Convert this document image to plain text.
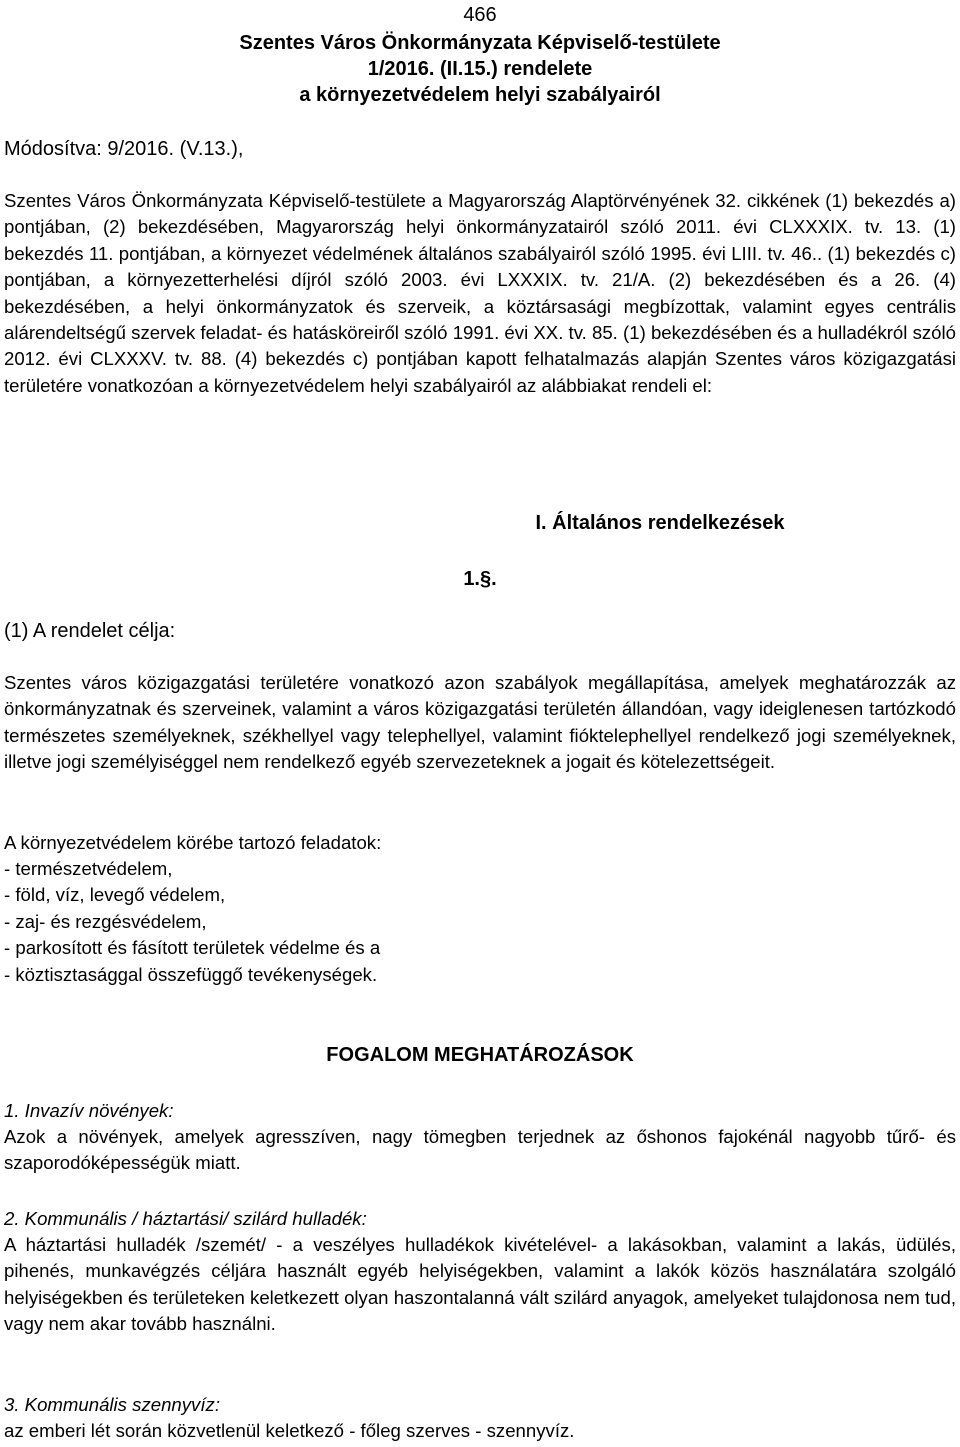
466
Szentes Város Önkormányzata Képviselő-testülete
1/2016. (II.15.) rendelete
a környezetvédelem helyi szabályairól
Módosítva: 9/2016. (V.13.),

Szentes Város Önkormányzata Képviselő-testülete a Magyarország Alaptörvényének 32. cikkének (1) bekezdés a) pontjában, (2) bekezdésében, Magyarország helyi önkormányzatairól szóló 2011. évi CLXXXIX. tv. 13. (1) bekezdés 11. pontjában, a környezet védelmének általános szabályairól szóló 1995. évi LIII. tv. 46.. (1) bekezdés c) pontjában, a környezetterhelési díjról szóló 2003. évi LXXXIX. tv. 21/A. (2) bekezdésében és a 26. (4) bekezdésében, a helyi önkormányzatok és szerveik, a köztársasági megbízottak, valamint egyes centrális alárendeltségű szervek feladat- és hatásköreiről szóló 1991. évi XX. tv. 85. (1) bekezdésében és a hulladékról szóló 2012. évi CLXXXV. tv. 88. (4) bekezdés c) pontjában kapott felhatalmazás alapján Szentes város közigazgatási területére vonatkozóan a környezetvédelem helyi szabályairól az alábbiakat rendeli el:

I. Általános rendelkezések
1.§.
(1) A rendelet célja:

Szentes város közigazgatási területére vonatkozó azon szabályok megállapítása, amelyek meghatározzák az önkormányzatnak és szerveinek, valamint a város közigazgatási területén állandóan, vagy ideiglenesen tartózkodó természetes személyeknek, székhellyel vagy telephellyel, valamint fióktelephellyel rendelkező jogi személyeknek, illetve jogi személyiséggel nem rendelkező egyéb szervezeteknek a jogait és kötelezettségeit.

A környezetvédelem körébe tartozó feladatok:
- természetvédelem,
- föld, víz, levegő védelem,
- zaj- és rezgésvédelem,
- parkosított és fásított területek védelme és a
- köztisztasággal összefüggő tevékenységek.
FOGALOM MEGHATÁROZÁSOK
1. Invazív növények:

Azok a növények, amelyek agresszíven, nagy tömegben terjednek az őshonos fajokénál nagyobb tűrő- és szaporodóképességük miatt.

2. Kommunális / háztartási/ szilárd hulladék:

A háztartási hulladék /szemét/ - a veszélyes hulladékok kivételével- a lakásokban, valamint a lakás, üdülés, pihenés, munkavégzés céljára használt egyéb helyiségekben, valamint a lakók közös használatára szolgáló helyiségekben és területeken keletkezett olyan haszontalanná vált szilárd anyagok, amelyeket tulajdonosa nem tud, vagy nem akar tovább használni.

3. Kommunális szennyvíz:
az emberi lét során közvetlenül keletkező - főleg szerves - szennyvíz.
